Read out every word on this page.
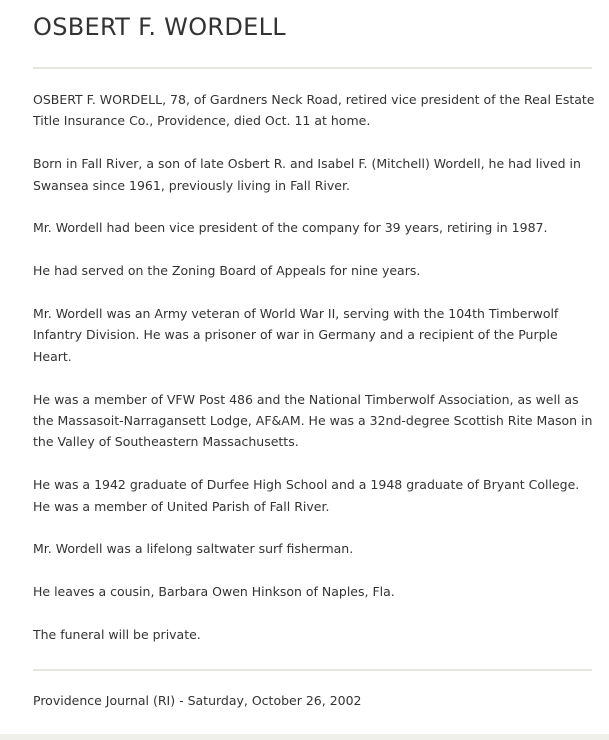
OSBERT F. WORDELL

OSBERT F. WORDELL, 78, of Gardners Neck Road, retired vice president of the Real Estate Title Insurance Co., Providence, died Oct. 11 at home.

Born in Fall River, a son of late Osbert R. and Isabel F. (Mitchell) Wordell, he had lived in Swansea since 1961, previously living in Fall River.

Mr. Wordell had been vice president of the company for 39 years, retiring in 1987.

He had served on the Zoning Board of Appeals for nine years.

Mr. Wordell was an Army veteran of World War II, serving with the 104th Timberwolf Infantry Division. He was a prisoner of war in Germany and a recipient of the Purple Heart.

He was a member of VFW Post 486 and the National Timberwolf Association, as well as the Massasoit-Narragansett Lodge, AF&AM. He was a 32nd-degree Scottish Rite Mason in the Valley of Southeastern Massachusetts.

He was a 1942 graduate of Durfee High School and a 1948 graduate of Bryant College. He was a member of United Parish of Fall River.

Mr. Wordell was a lifelong saltwater surf fisherman.

He leaves a cousin, Barbara Owen Hinkson of Naples, Fla.

The funeral will be private.

Providence Journal (RI) - Saturday, October 26, 2002
